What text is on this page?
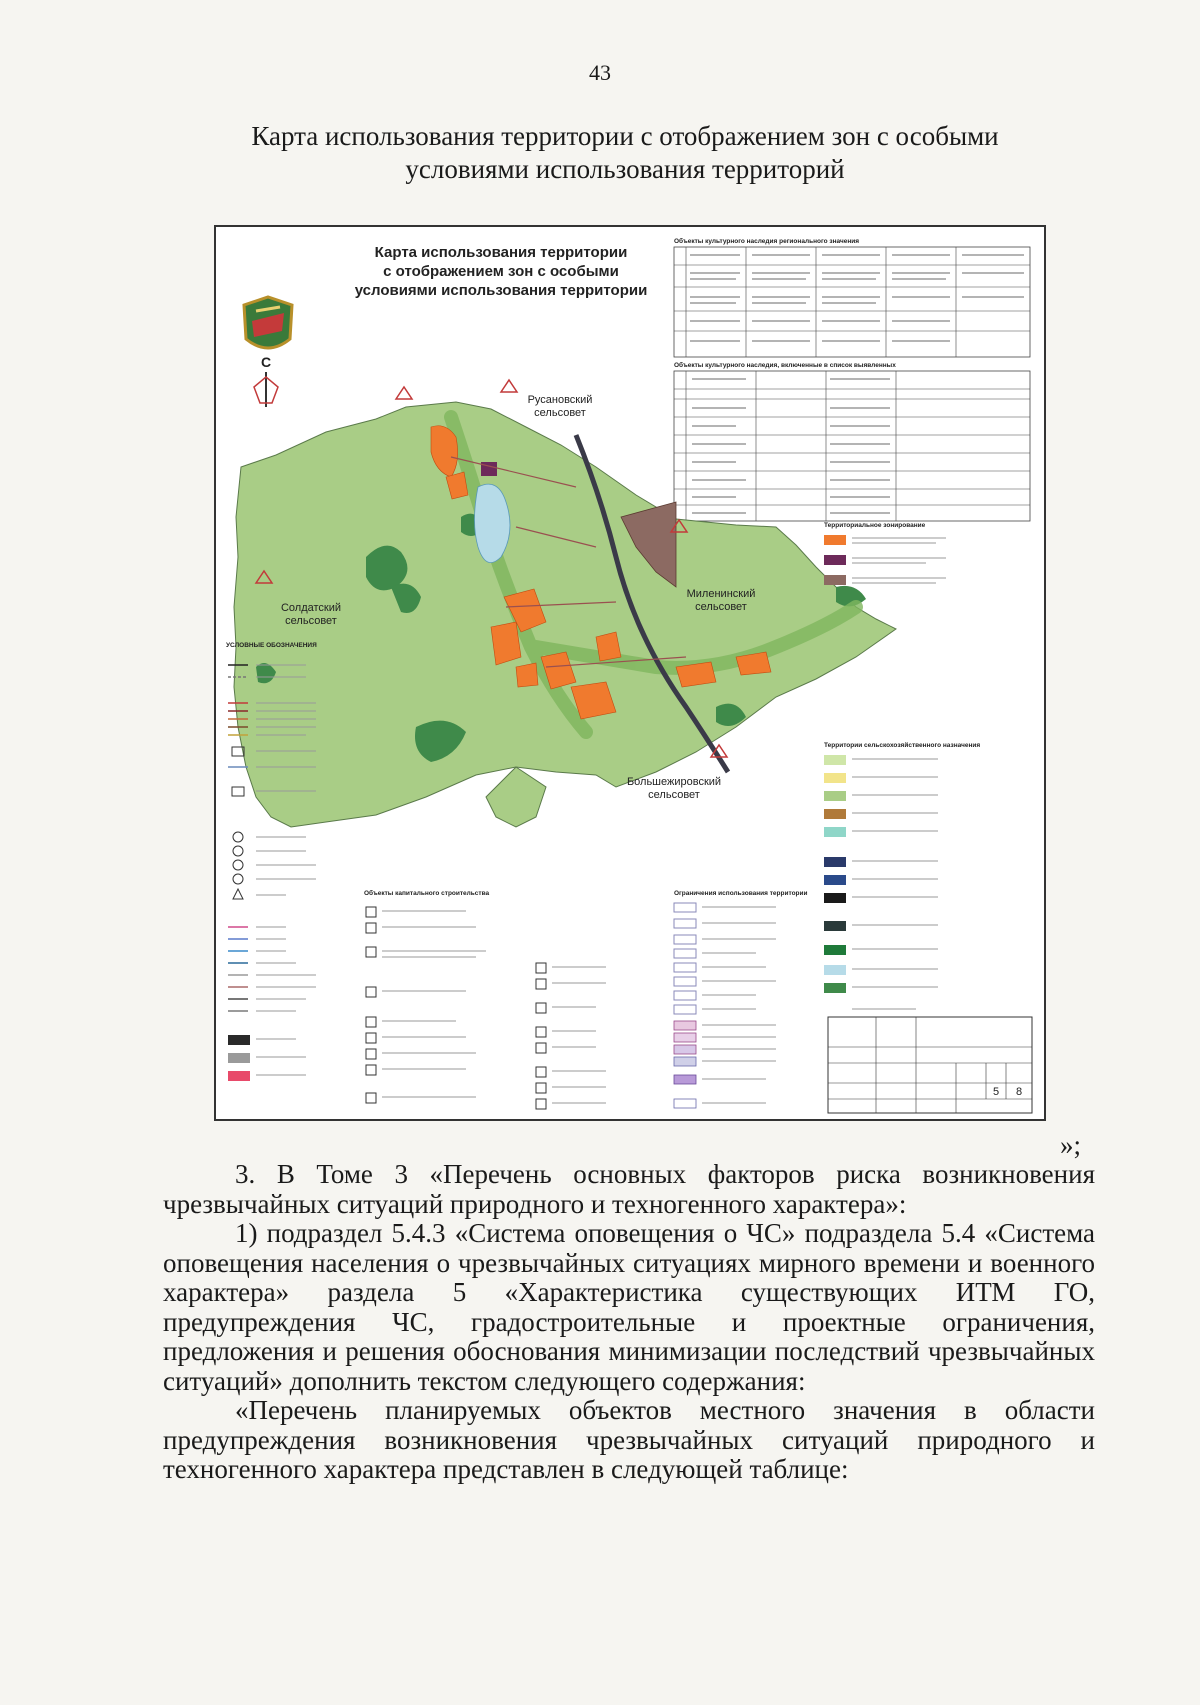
43
Карта использования территории с отображением зон с особыми
условиями использования территорий
Карта использования территории
с отображением зон с особыми
условиями использования территории
С
Объекты культурного наследия регионального значения
Объекты культурного наследия, включенные в список выявленных
Русановский
сельсовет
Солдатский
сельсовет
Миленинский
сельсовет
Большежировский
сельсовет
Территориальное зонирование
Территории сельскохозяйственного назначения
УСЛОВНЫЕ ОБОЗНАЧЕНИЯ
Объекты капитального строительства	Ограничения использования территории
5 8
»;

3. В Томе 3 «Перечень основных факторов риска возникновения чрезвычайных ситуаций природного и техногенного характера»:

1) подраздел 5.4.3 «Система оповещения о ЧС» подраздела 5.4 «Система оповещения населения о чрезвычайных ситуациях мирного времени и военного характера» раздела 5 «Характеристика существующих ИТМ ГО, предупреждения ЧС, градостроительные и проектные ограничения, предложения и решения обоснования минимизации последствий чрезвычайных ситуаций» дополнить текстом следующего содержания:

«Перечень планируемых объектов местного значения в области предупреждения возникновения чрезвычайных ситуаций природного и техногенного характера представлен в следующей таблице:
